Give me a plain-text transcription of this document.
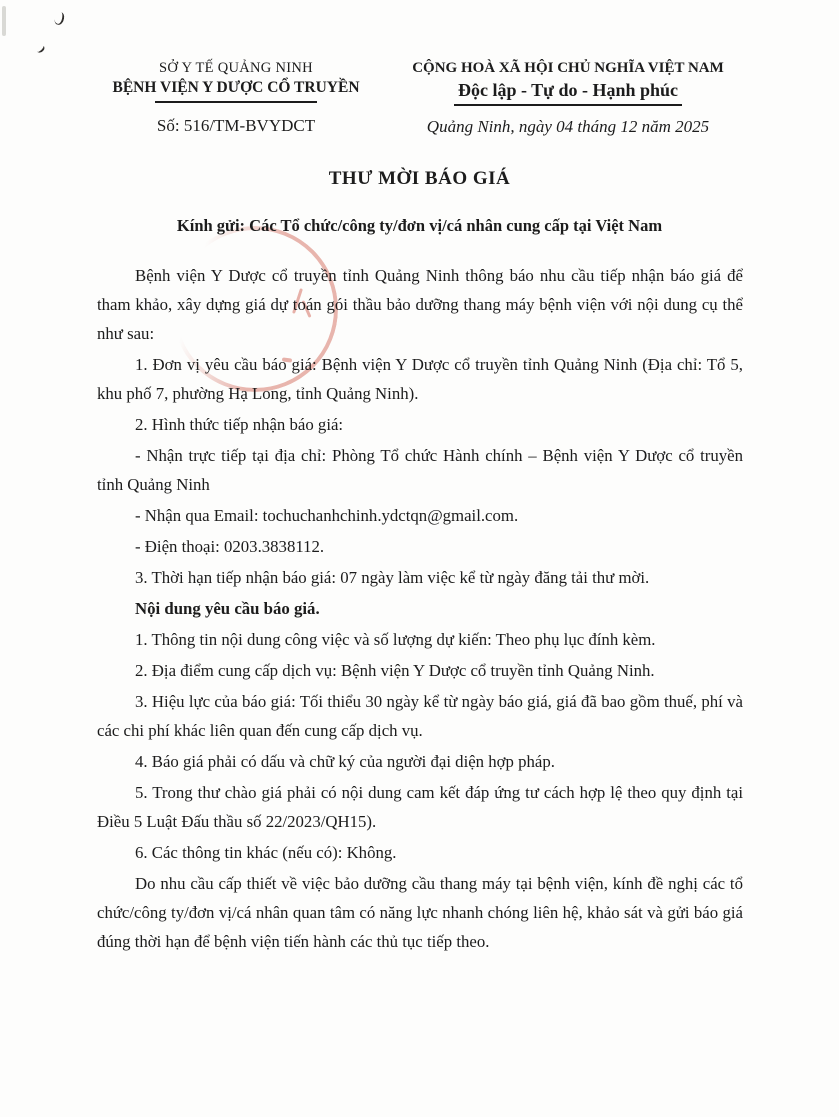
SỞ Y TẾ QUẢNG NINH
BỆNH VIỆN Y DƯỢC CỔ TRUYỀN
Số: 516/TM-BVYDCT
CỘNG HOÀ XÃ HỘI CHỦ NGHĨA VIỆT NAM
Độc lập - Tự do - Hạnh phúc
Quảng Ninh, ngày 04 tháng 12 năm 2025
THƯ MỜI BÁO GIÁ
Kính gửi: Các Tổ chức/công ty/đơn vị/cá nhân cung cấp tại Việt Nam

Bệnh viện Y Dược cổ truyền tỉnh Quảng Ninh thông báo nhu cầu tiếp nhận báo giá để tham khảo, xây dựng giá dự toán gói thầu bảo dưỡng thang máy bệnh viện với nội dung cụ thể như sau:

1. Đơn vị yêu cầu báo giá: Bệnh viện Y Dược cổ truyền tỉnh Quảng Ninh (Địa chỉ: Tổ 5, khu phố 7, phường Hạ Long, tỉnh Quảng Ninh).

2. Hình thức tiếp nhận báo giá:

- Nhận trực tiếp tại địa chỉ: Phòng Tổ chức Hành chính – Bệnh viện Y Dược cổ truyền tỉnh Quảng Ninh

- Nhận qua Email: tochuchanhchinh.ydctqn@gmail.com.

- Điện thoại: 0203.3838112.

3. Thời hạn tiếp nhận báo giá: 07 ngày làm việc kể từ ngày đăng tải thư mời.

Nội dung yêu cầu báo giá.

1. Thông tin nội dung công việc và số lượng dự kiến: Theo phụ lục đính kèm.

2. Địa điểm cung cấp dịch vụ: Bệnh viện Y Dược cổ truyền tỉnh Quảng Ninh.

3. Hiệu lực của báo giá: Tối thiểu 30 ngày kể từ ngày báo giá, giá đã bao gồm thuế, phí và các chi phí khác liên quan đến cung cấp dịch vụ.

4. Báo giá phải có dấu và chữ ký của người đại diện hợp pháp.

5. Trong thư chào giá phải có nội dung cam kết đáp ứng tư cách hợp lệ theo quy định tại Điều 5 Luật Đấu thầu số 22/2023/QH15).

6. Các thông tin khác (nếu có): Không.

Do nhu cầu cấp thiết về việc bảo dưỡng cầu thang máy tại bệnh viện, kính đề nghị các tổ chức/công ty/đơn vị/cá nhân quan tâm có năng lực nhanh chóng liên hệ, khảo sát và gửi báo giá đúng thời hạn để bệnh viện tiến hành các thủ tục tiếp theo.
